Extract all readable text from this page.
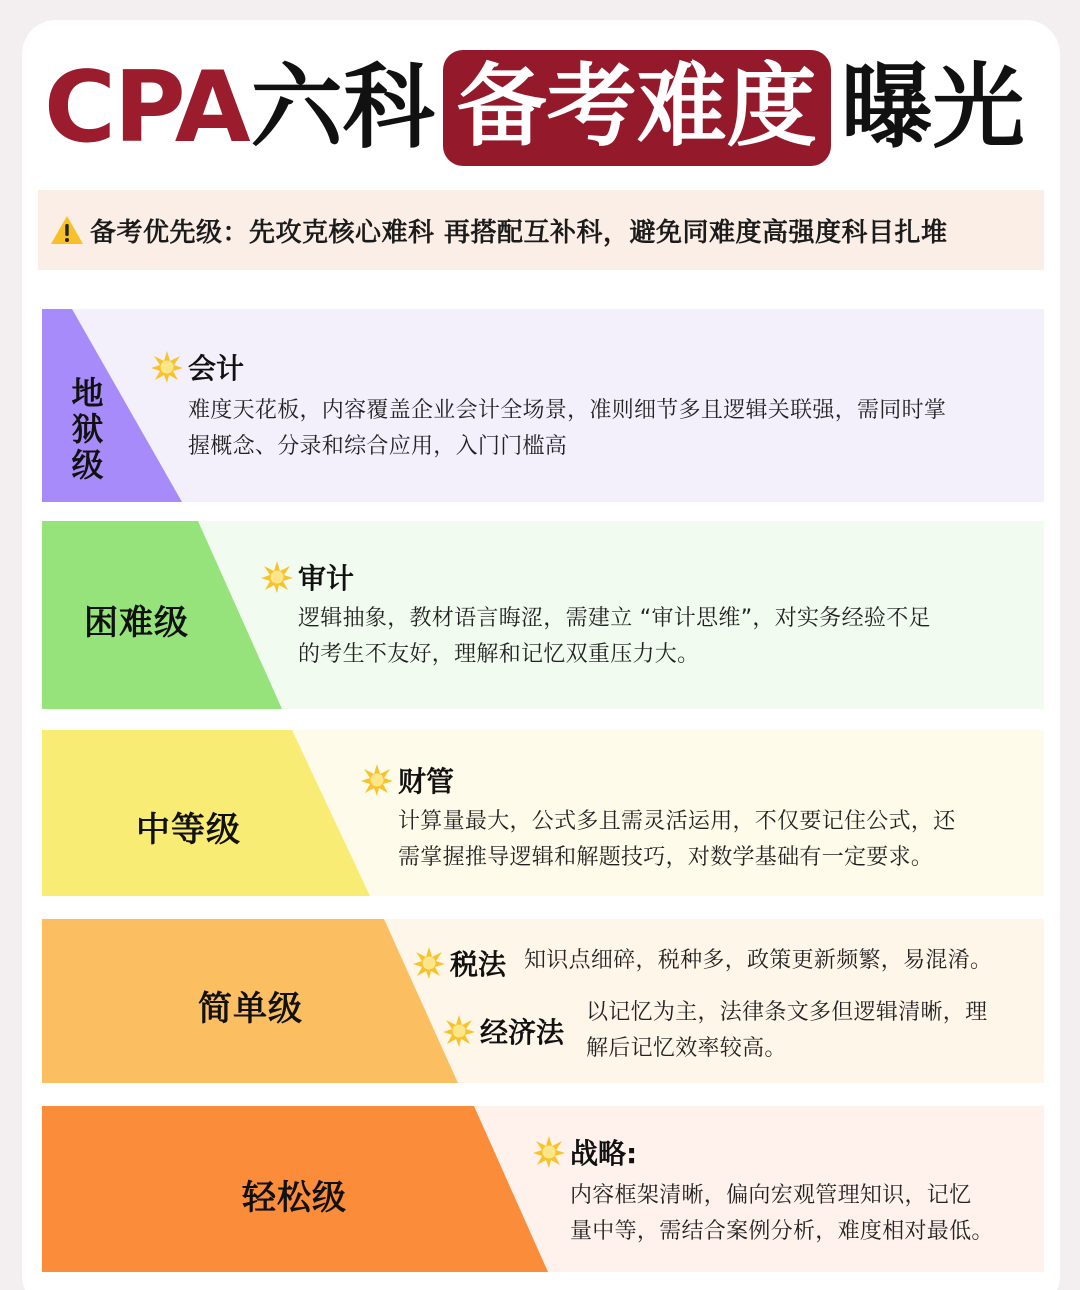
CPA 六科 备考难度 曝光
备考优先级：先攻克核心难科 再搭配互补科，避免同难度高强度科目扎堆
地
狱
级
会计
难度天花板，内容覆盖企业会计全场景，准则细节多且逻辑关联强，需同时掌
握概念、分录和综合应用，入门门槛高
困难级
审计
逻辑抽象，教材语言晦涩，需建立 “审计思维”，对实务经验不足
的考生不友好，理解和记忆双重压力大。
中等级
财管
计算量最大，公式多且需灵活运用，不仅要记住公式，还
需掌握推导逻辑和解题技巧，对数学基础有一定要求。
简单级
税法 知识点细碎，税种多，政策更新频繁，易混淆。
经济法
以记忆为主，法律条文多但逻辑清晰，理
解后记忆效率较高。
轻松级
战略:
内容框架清晰，偏向宏观管理知识，记忆
量中等，需结合案例分析，难度相对最低。
